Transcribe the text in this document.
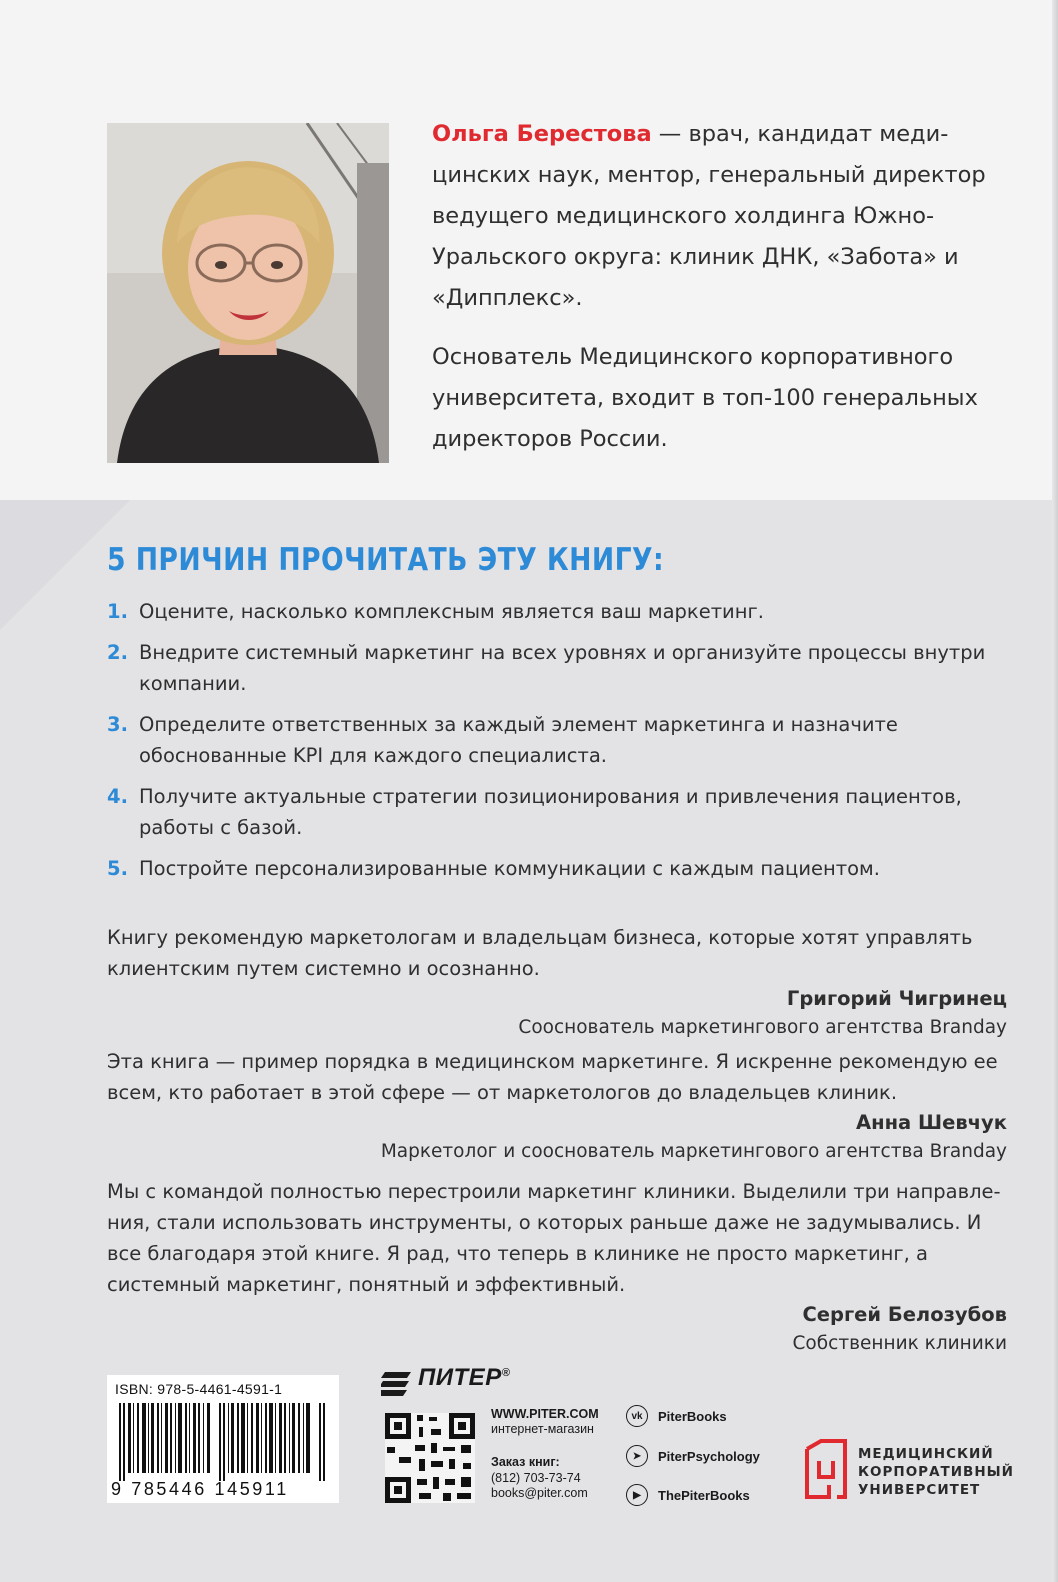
Ольга Берестова — врач, кандидат меди- цинских наук, ментор, генеральный директор ведущего медицинского холдинга Южно-Уральского округа: клиник ДНК, «Забота» и «Дипплекс».

Основатель Медицинского корпоративного университета, входит в топ-100 генеральных директоров России.

5 ПРИЧИН ПРОЧИТАТЬ ЭТУ КНИГУ:
1. Оцените, насколько комплексным является ваш маркетинг.
2. Внедрите системный маркетинг на всех уровнях и организуйте процессы внутри компании.
3. Определите ответственных за каждый элемент маркетинга и назначите обоснованные KPI для каждого специалиста.
4. Получите актуальные стратегии позиционирования и привлечения пациентов, работы с базой.
5. Постройте персонализированные коммуникации с каждым пациентом.

Книгу рекомендую маркетологам и владельцам бизнеса, которые хотят управлять клиентским путем системно и осознанно.

Григорий Чигринец
Сооснователь маркетингового агентства Branday

Эта книга — пример порядка в медицинском маркетинге. Я искренне рекомендую ее всем, кто работает в этой сфере — от маркетологов до владельцев клиник.

Анна Шевчук
Маркетолог и сооснователь маркетингового агентства Branday

Мы с командой полностью перестроили маркетинг клиники. Выделили три направле-ния, стали использовать инструменты, о которых раньше даже не задумывались. И все благодаря этой книге. Я рад, что теперь в клинике не просто маркетинг, а системный маркетинг, понятный и эффективный.

Сергей Белозубов
Собственник клиники
ISBN: 978-5-4461-4591-1
9 785446 145911
ПИТЕР®
WWW.PITER.COM
интернет-магазин
Заказ книг:
(812) 703-73-74
books@piter.com
vk	PiterBooks
➤	PiterPsychology
▶	ThePiterBooks
МЕДИЦИНСКИЙ
КОРПОРАТИВНЫЙ
УНИВЕРСИТЕТ
